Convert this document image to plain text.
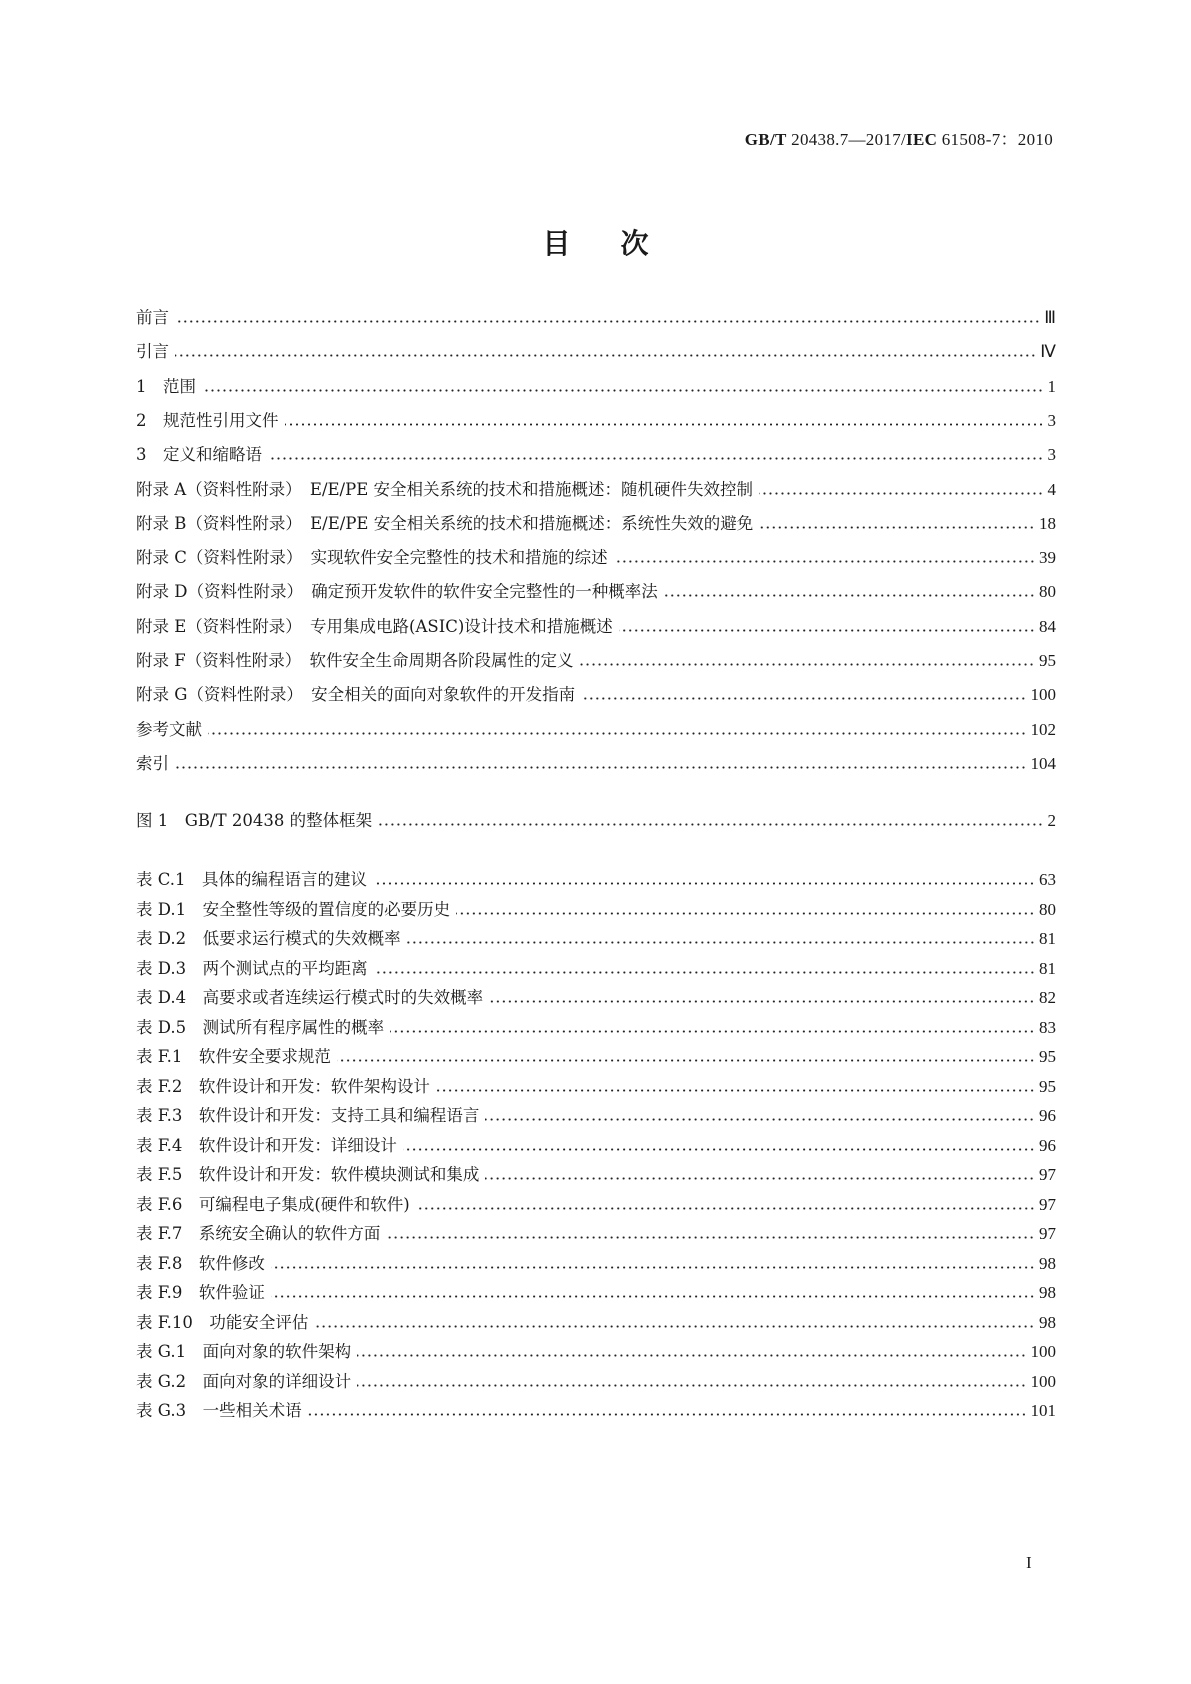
GB/T 20438.7—2017/IEC 61508-7：2010
目次
前言	Ⅲ
引言	Ⅳ
1　范围	1
2　规范性引用文件	3
3　定义和缩略语	3
附录 A（资料性附录）　E/E/PE 安全相关系统的技术和措施概述：随机硬件失效控制	4
附录 B（资料性附录）　E/E/PE 安全相关系统的技术和措施概述：系统性失效的避免	18
附录 C（资料性附录）　实现软件安全完整性的技术和措施的综述	39
附录 D（资料性附录）　确定预开发软件的软件安全完整性的一种概率法	80
附录 E（资料性附录）　专用集成电路(ASIC)设计技术和措施概述	84
附录 F（资料性附录）　软件安全生命周期各阶段属性的定义	95
附录 G（资料性附录）　安全相关的面向对象软件的开发指南	100
参考文献	102
索引	104
图 1　GB/T 20438 的整体框架	2
表 C.1　具体的编程语言的建议	63
表 D.1　安全整性等级的置信度的必要历史	80
表 D.2　低要求运行模式的失效概率	81
表 D.3　两个测试点的平均距离	81
表 D.4　高要求或者连续运行模式时的失效概率	82
表 D.5　测试所有程序属性的概率	83
表 F.1　软件安全要求规范	95
表 F.2　软件设计和开发：软件架构设计	95
表 F.3　软件设计和开发：支持工具和编程语言	96
表 F.4　软件设计和开发：详细设计	96
表 F.5　软件设计和开发：软件模块测试和集成	97
表 F.6　可编程电子集成(硬件和软件)	97
表 F.7　系统安全确认的软件方面	97
表 F.8　软件修改	98
表 F.9　软件验证	98
表 F.10　功能安全评估	98
表 G.1　面向对象的软件架构	100
表 G.2　面向对象的详细设计	100
表 G.3　一些相关术语	101
I
